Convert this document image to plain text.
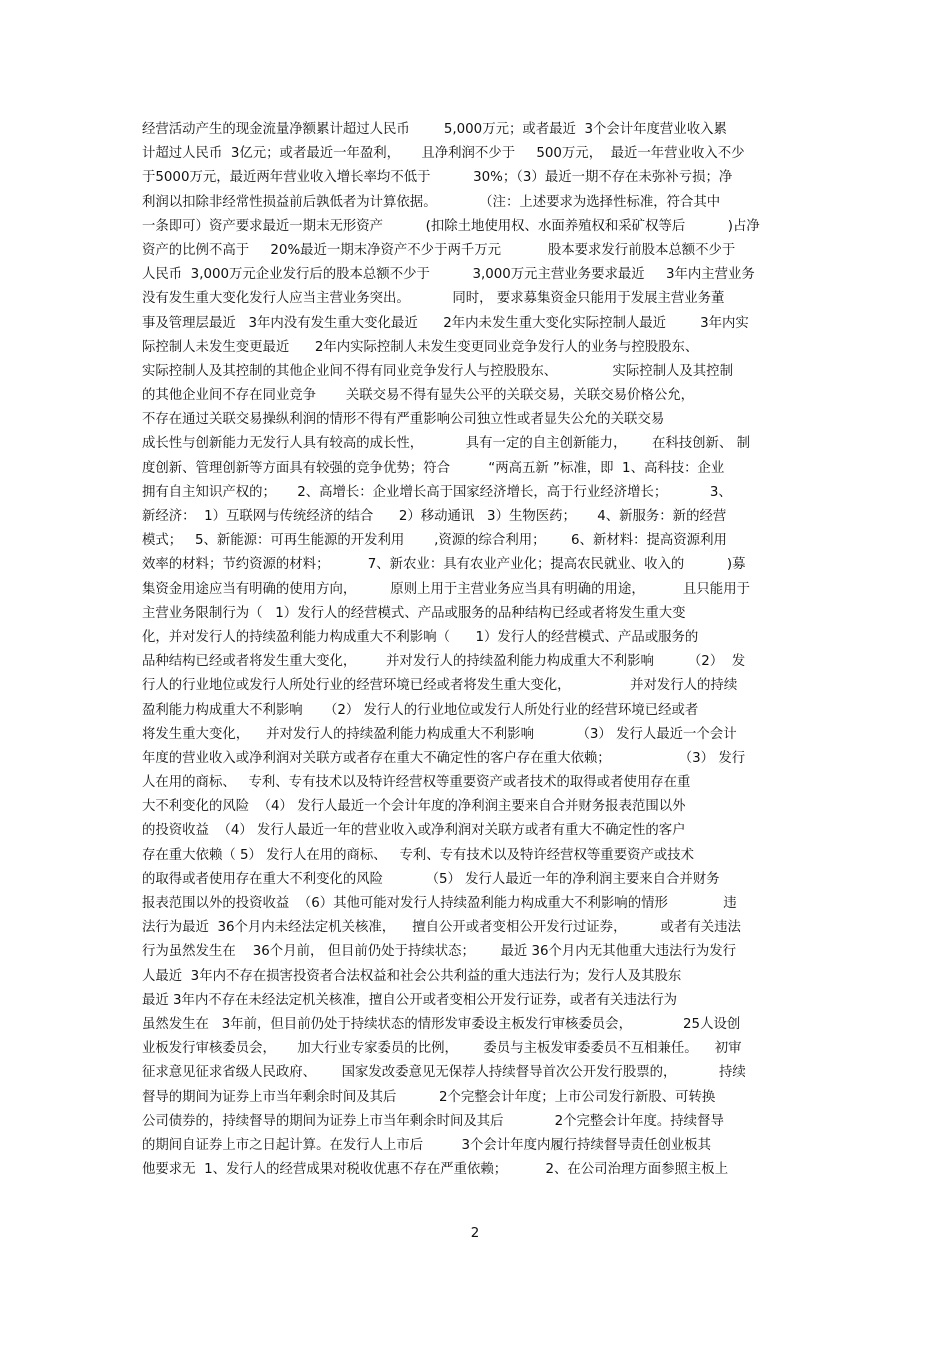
经营活动产生的现金流量净额累计超过人民币        5,000万元；或者最近  3个会计年度营业收入累
计超过人民币  3亿元；或者最近一年盈利，     且净利润不少于     500万元，  最近一年营业收入不少
于5000万元，最近两年营业收入增长率均不低于          30%；（3）最近一期不存在未弥补亏损；净
利润以扣除非经常性损益前后孰低者为计算依据。          （注：上述要求为选择性标准，符合其中
一条即可）资产要求最近一期末无形资产          (扣除土地使用权、水面养殖权和采矿权等后          )占净
资产的比例不高于     20%最近一期末净资产不少于两千万元           股本要求发行前股本总额不少于
人民币  3,000万元企业发行后的股本总额不少于          3,000万元主营业务要求最近     3年内主营业务
没有发生重大变化发行人应当主营业务突出。          同时， 要求募集资金只能用于发展主营业务董
事及管理层最近   3年内没有发生重大变化最近      2年内未发生重大变化实际控制人最近        3年内实
际控制人未发生变更最近      2年内实际控制人未发生变更同业竞争发行人的业务与控股股东、
实际控制人及其控制的其他企业间不得有同业竞争发行人与控股股东、             实际控制人及其控制
的其他企业间不存在同业竞争       关联交易不得有显失公平的关联交易，关联交易价格公允，
不存在通过关联交易操纵利润的情形不得有严重影响公司独立性或者显失公允的关联交易
成长性与创新能力无发行人具有较高的成长性，          具有一定的自主创新能力，      在科技创新、 制
度创新、管理创新等方面具有较强的竞争优势；符合         “两高五新 ”标准，即  1、高科技：企业
拥有自主知识产权的；     2、高增长：企业增长高于国家经济增长，高于行业经济增长；          3、
新经济：  1）互联网与传统经济的结合      2）移动通讯   3）生物医药；     4、新服务：新的经营
模式；   5、新能源：可再生能源的开发利用       ,资源的综合利用；      6、新材料：提高资源利用
效率的材料；节约资源的材料；         7、新农业：具有农业产业化；提高农民就业、收入的          )募
集资金用途应当有明确的使用方向，        原则上用于主营业务应当具有明确的用途，         且只能用于
主营业务限制行为（   1）发行人的经营模式、产品或服务的品种结构已经或者将发生重大变
化，并对发行人的持续盈利能力构成重大不利影响（      1）发行人的经营模式、产品或服务的
品种结构已经或者将发生重大变化，       并对发行人的持续盈利能力构成重大不利影响        （2）  发
行人的行业地位或发行人所处行业的经营环境已经或者将发生重大变化，              并对发行人的持续
盈利能力构成重大不利影响     （2） 发行人的行业地位或发行人所处行业的经营环境已经或者
将发生重大变化，    并对发行人的持续盈利能力构成重大不利影响          （3） 发行人最近一个会计
年度的营业收入或净利润对关联方或者存在重大不确定性的客户存在重大依赖；                （3） 发行
人在用的商标、   专利、专有技术以及特许经营权等重要资产或者技术的取得或者使用存在重
大不利变化的风险  （4） 发行人最近一个会计年度的净利润主要来自合并财务报表范围以外
的投资收益  （4） 发行人最近一年的营业收入或净利润对关联方或者有重大不确定性的客户
存在重大依赖（ 5） 发行人在用的商标、   专利、专有技术以及特许经营权等重要资产或技术
的取得或者使用存在重大不利变化的风险          （5） 发行人最近一年的净利润主要来自合并财务
报表范围以外的投资收益  （6）其他可能对发行人持续盈利能力构成重大不利影响的情形             违
法行为最近  36个月内未经法定机关核准，    擅自公开或者变相公开发行过证券，        或者有关违法
行为虽然发生在    36个月前， 但目前仍处于持续状态；      最近 36个月内无其他重大违法行为发行
人最近  3年内不存在损害投资者合法权益和社会公共利益的重大违法行为；发行人及其股东
最近 3年内不存在未经法定机关核准，擅自公开或者变相公开发行证券，或者有关违法行为
虽然发生在   3年前，但目前仍处于持续状态的情形发审委设主板发行审核委员会，            25人设创
业板发行审核委员会，     加大行业专家委员的比例，      委员与主板发审委委员不互相兼任。    初审
征求意见征求省级人民政府、      国家发改委意见无保荐人持续督导首次公开发行股票的，          持续
督导的期间为证券上市当年剩余时间及其后          2个完整会计年度；上市公司发行新股、可转换
公司债券的，持续督导的期间为证券上市当年剩余时间及其后            2个完整会计年度。持续督导
的期间自证券上市之日起计算。在发行人上市后         3个会计年度内履行持续督导责任创业板其
他要求无  1、发行人的经营成果对税收优惠不存在严重依赖；         2、在公司治理方面参照主板上
2
